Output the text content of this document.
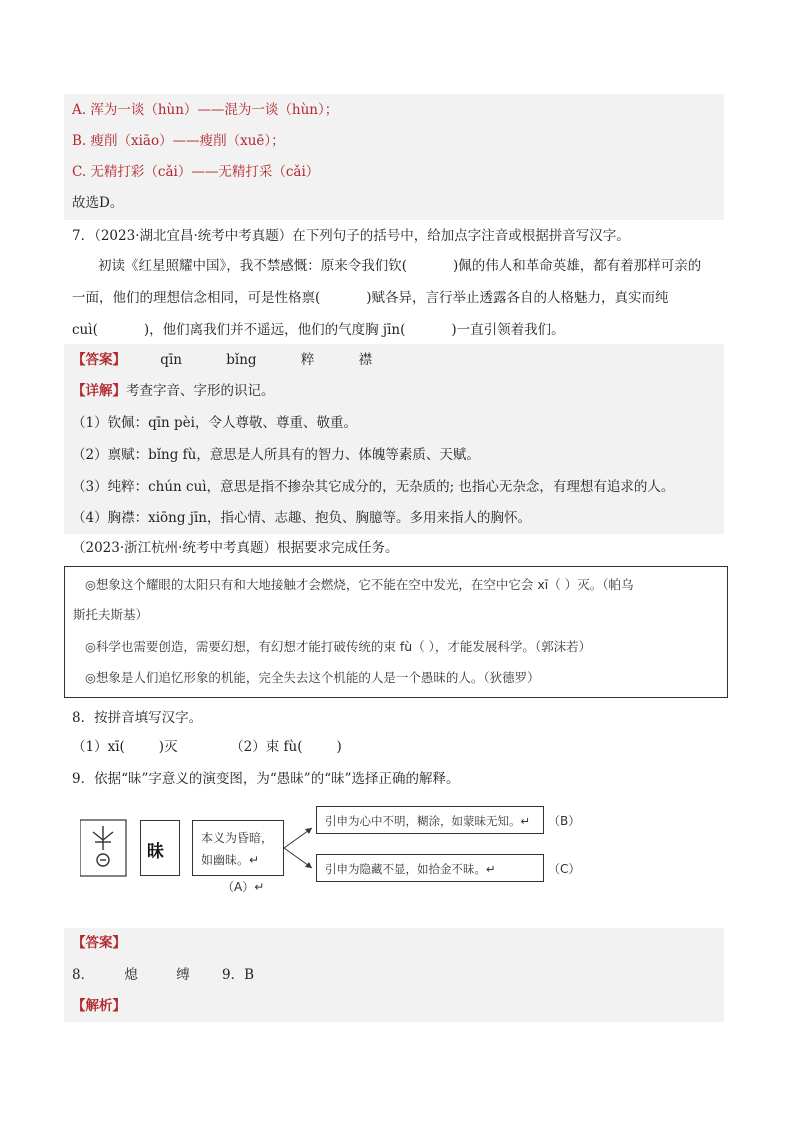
A. 浑为一谈（hùn）——混为一谈（hùn）；
B. 瘦削（xiāo）——瘦削（xuē）；
C. 无精打彩（cǎi）——无精打采（cǎi）
故选D。
7．（2023·湖北宜昌·统考中考真题）在下列句子的括号中，给加点字注音或根据拼音写汉字。
初读《红星照耀中国》，我不禁感慨：原来令我们钦(	)佩的伟人和革命英雄，都有着那样可亲的
一面，他们的理想信念相同，可是性格禀(	)赋各异，言行举止透露各自的人格魅力，真实而纯
cuì(	)，他们离我们并不遥远，他们的气度胸 jīn(	)一直引领着我们。
【答案】	qīn	bǐng	粹	襟
【详解】考查字音、字形的识记。
（1）钦佩：qīn pèi，令人尊敬、尊重、敬重。
（2）禀赋：bǐng fù，意思是人所具有的智力、体魄等素质、天赋。
（3）纯粹：chún cuì，意思是指不掺杂其它成分的，无杂质的; 也指心无杂念，有理想有追求的人。
（4）胸襟：xiōng jīn，指心情、志趣、抱负、胸臆等。多用来指人的胸怀。
（2023·浙江杭州·统考中考真题）根据要求完成任务。
◎想象这个耀眼的太阳只有和大地接触才会燃烧，它不能在空中发光，在空中它会 xī（ ）灭。（帕乌
斯托夫斯基）
◎科学也需要创造，需要幻想，有幻想才能打破传统的束 fù（ ），才能发展科学。（郭沫若）
◎想象是人们追忆形象的机能，完全失去这个机能的人是一个愚昧的人。（狄德罗）
8．按拼音填写汉字。
（1）xī(	)灭	（2）束 fù(	)
9．依据“昧”字意义的演变图，为“愚昧”的“昧”选择正确的解释。
昧
本义为昏暗，
如幽昧。↵
（A）↵
引申为心中不明，糊涂，如蒙昧无知。↵ （B）
引申为隐藏不显，如拾金不昧。↵	（C）
【答案】
8． 熄	缚 9．B
【解析】
